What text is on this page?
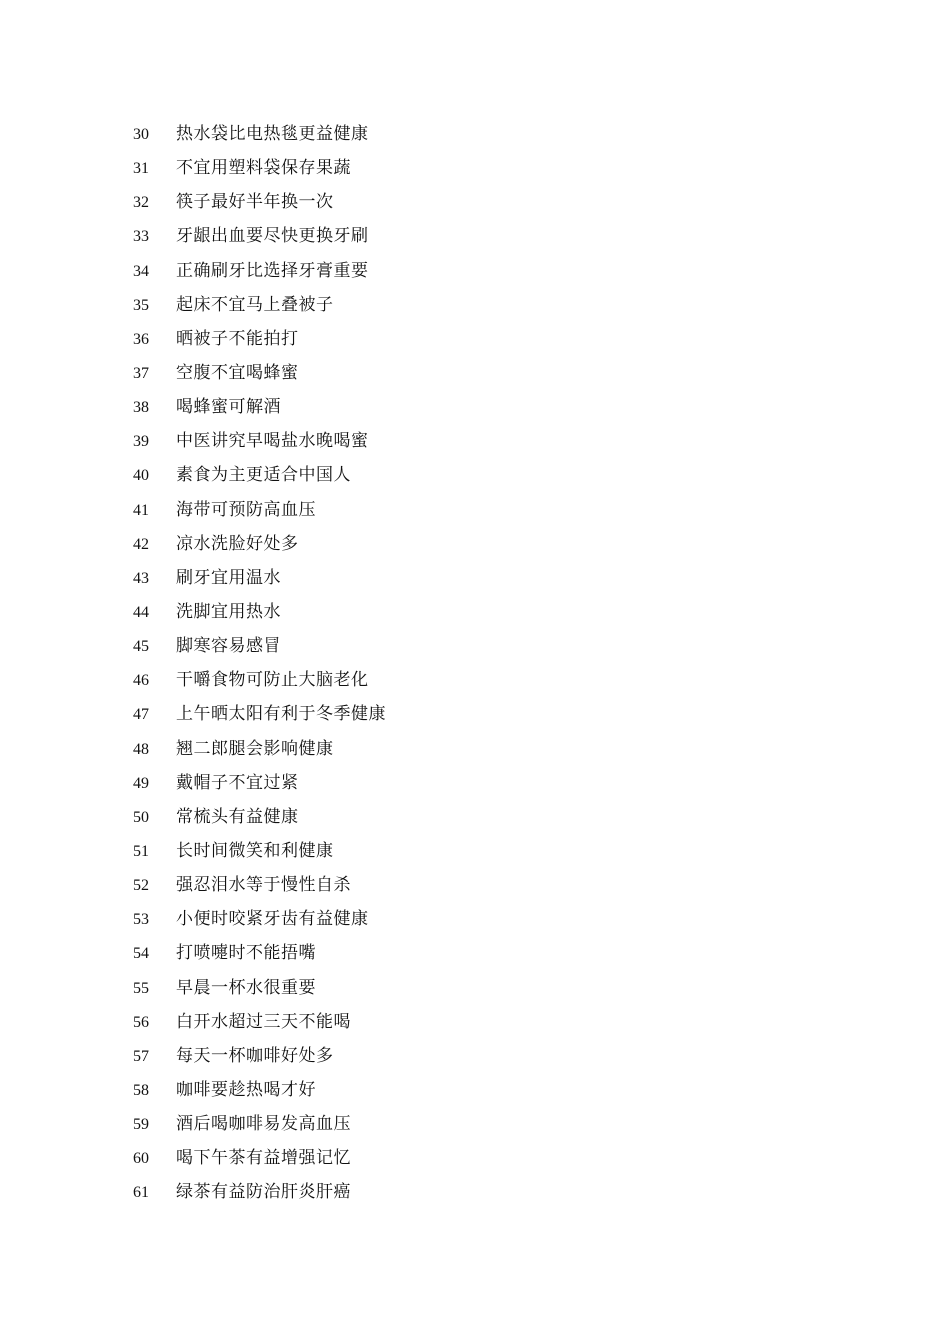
30 热水袋比电热毯更益健康
31 不宜用塑料袋保存果蔬
32 筷子最好半年换一次
33 牙龈出血要尽快更换牙刷
34 正确刷牙比选择牙膏重要
35 起床不宜马上叠被子
36 晒被子不能拍打
37 空腹不宜喝蜂蜜
38 喝蜂蜜可解酒
39 中医讲究早喝盐水晚喝蜜
40 素食为主更适合中国人
41 海带可预防高血压
42 凉水洗脸好处多
43 刷牙宜用温水
44 洗脚宜用热水
45 脚寒容易感冒
46 干嚼食物可防止大脑老化
47 上午晒太阳有利于冬季健康
48 翘二郎腿会影响健康
49 戴帽子不宜过紧
50 常梳头有益健康
51 长时间微笑和利健康
52 强忍泪水等于慢性自杀
53 小便时咬紧牙齿有益健康
54 打喷嚏时不能捂嘴
55 早晨一杯水很重要
56 白开水超过三天不能喝
57 每天一杯咖啡好处多
58 咖啡要趁热喝才好
59 酒后喝咖啡易发高血压
60 喝下午茶有益增强记忆
61 绿茶有益防治肝炎肝癌
